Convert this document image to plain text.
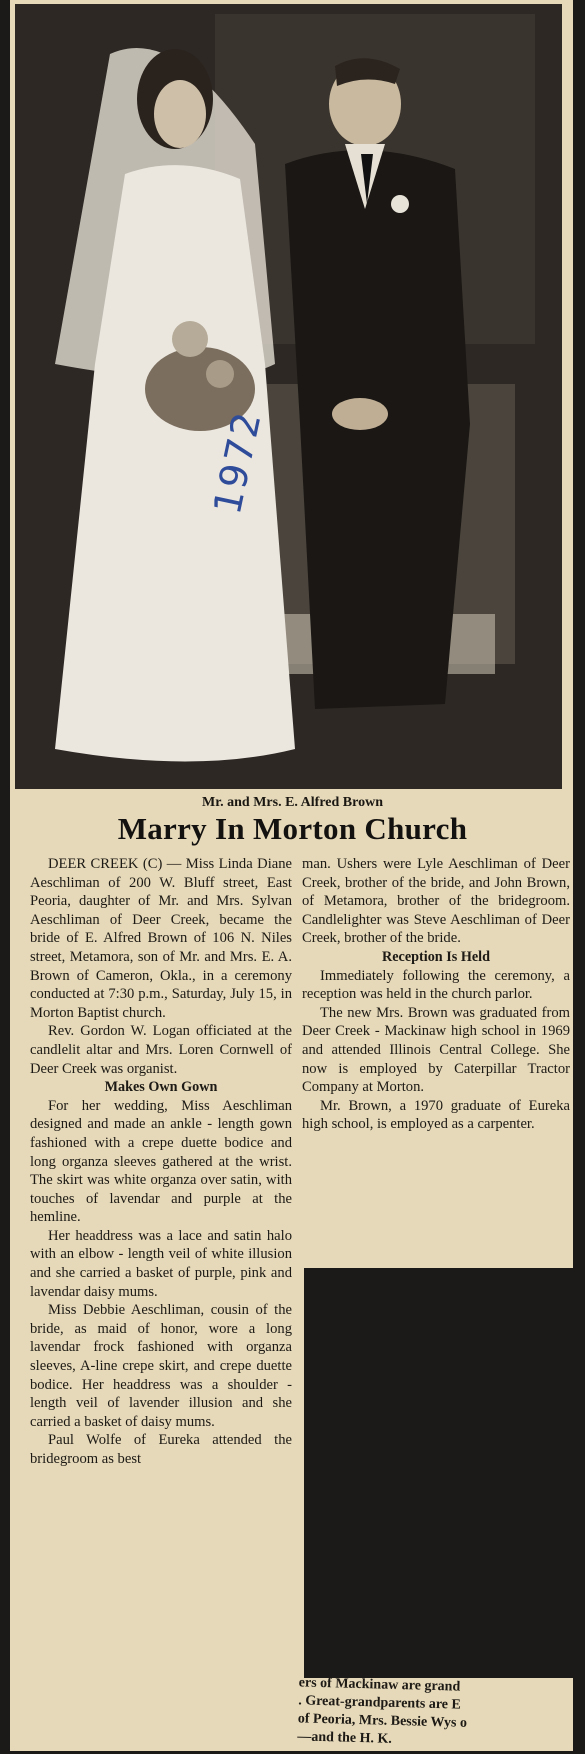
1972
Mr. and Mrs. E. Alfred Brown
Marry In Morton Church

DEER CREEK (C) — Miss Linda Diane Aeschliman of 200 W. Bluff street, East Peoria, daughter of Mr. and Mrs. Sylvan Aeschliman of Deer Creek, became the bride of E. Alfred Brown of 106 N. Niles street, Metamora, son of Mr. and Mrs. E. A. Brown of Cameron, Okla., in a ceremony conducted at 7:30 p.m., Saturday, July 15, in Morton Baptist church.

Rev. Gordon W. Logan officiated at the candlelit altar and Mrs. Loren Cornwell of Deer Creek was organist.

Makes Own Gown

For her wedding, Miss Aeschliman designed and made an ankle - length gown fashioned with a crepe duette bodice and long organza sleeves gathered at the wrist. The skirt was white organza over satin, with touches of lavendar and purple at the hemline.

Her headdress was a lace and satin halo with an elbow - length veil of white illusion and she carried a basket of purple, pink and lavendar daisy mums.

Miss Debbie Aeschliman, cousin of the bride, as maid of honor, wore a long lavendar frock fashioned with organza sleeves, A-line crepe skirt, and crepe duette bodice. Her headdress was a shoulder - length veil of lavender illusion and she carried a basket of daisy mums.

Paul Wolfe of Eureka attended the bridegroom as best

man. Ushers were Lyle Aeschliman of Deer Creek, brother of the bride, and John Brown, of Metamora, brother of the bridegroom. Candlelighter was Steve Aeschliman of Deer Creek, brother of the bride.

Reception Is Held

Immediately following the ceremony, a reception was held in the church parlor.

The new Mrs. Brown was graduated from Deer Creek - Mackinaw high school in 1969 and attended Illinois Central College. She now is employed by Caterpillar Tractor Company at Morton.

Mr. Brown, a 1970 graduate of Eureka high school, is employed as a carpenter.

ers of Mackinaw are grand

. Great-grandparents are E

of Peoria, Mrs. Bessie Wys o

—and the H. K.
